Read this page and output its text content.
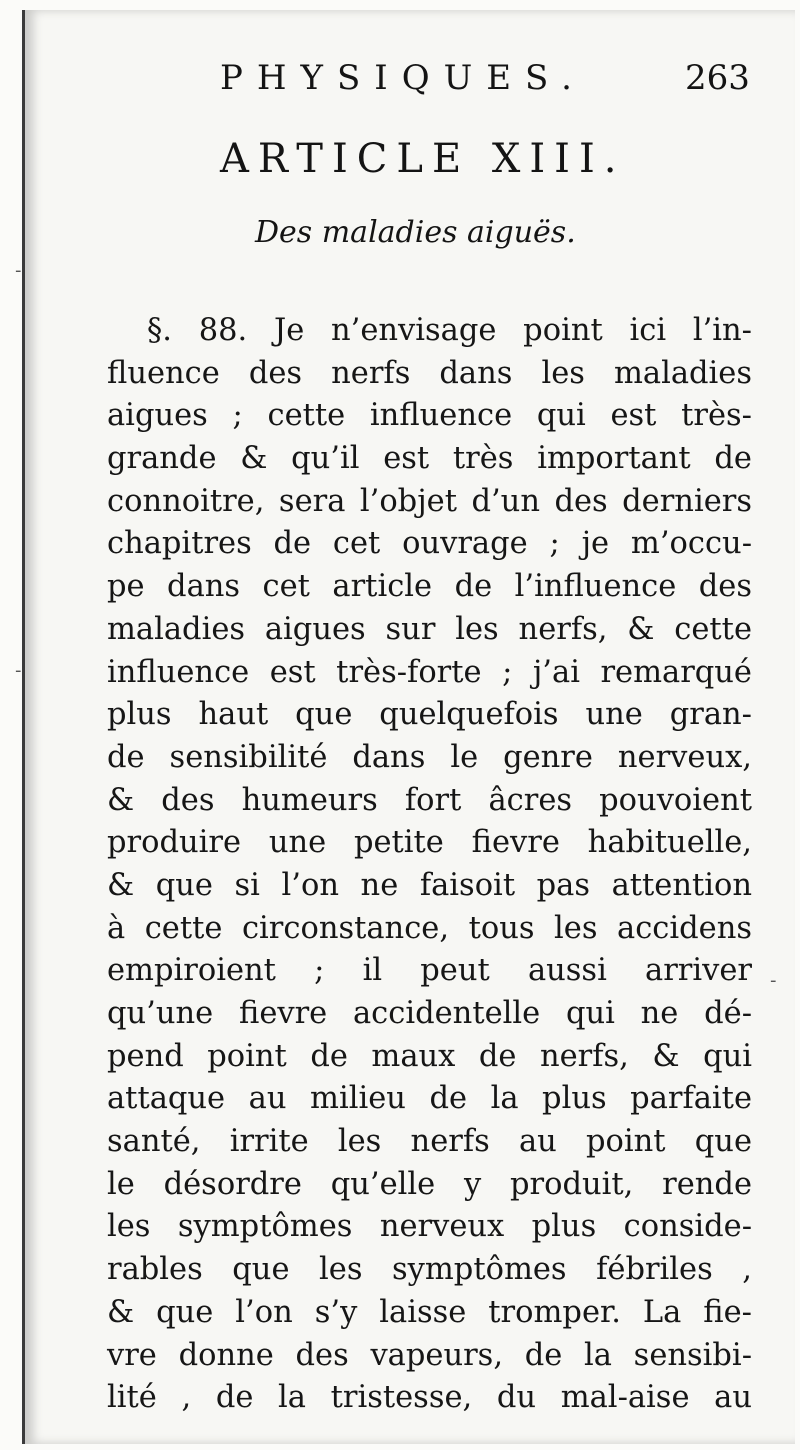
PHYSIQUES.	263
ARTICLE XIII.
Des maladies aiguës.
§. 88. Je n’envisage point ici l’in-
fluence des nerfs dans les maladies
aigues ; cette influence qui est très-
grande & qu’il est très important de
connoitre, sera l’objet d’un des derniers
chapitres de cet ouvrage ; je m’occu-
pe dans cet article de l’influence des
maladies aigues sur les nerfs, & cette
influence est très-forte ; j’ai remarqué
plus haut que quelquefois une gran-
de sensibilité dans le genre nerveux,
& des humeurs fort âcres pouvoient
produire une petite fievre habituelle,
& que si l’on ne faisoit pas attention
à cette circonstance, tous les accidens
empiroient ; il peut aussi arriver
qu’une fievre accidentelle qui ne dé-
pend point de maux de nerfs, & qui
attaque au milieu de la plus parfaite
santé, irrite les nerfs au point que
le désordre qu’elle y produit, rende
les symptômes nerveux plus conside-
rables que les symptômes fébriles ,
& que l’on s’y laisse tromper. La fie-
vre donne des vapeurs, de la sensibi-
lité , de la tristesse, du mal-aise au
-
-
-
